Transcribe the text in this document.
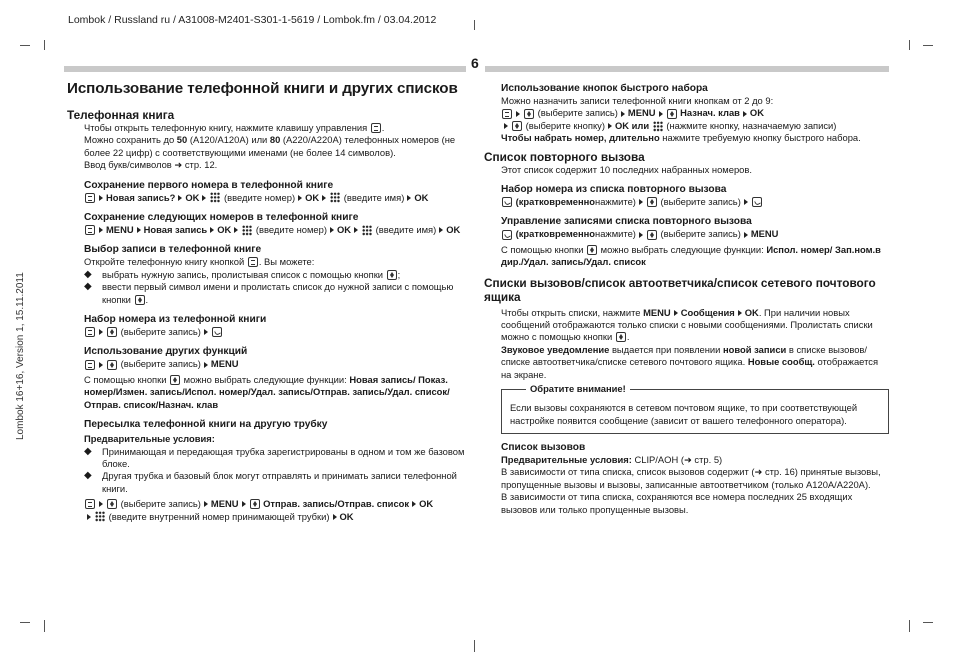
Lombok / Russland ru / A31008-M2401-S301-1-5619 / Lombok.fm / 03.04.2012
6
Lombok 16+16, Version 1, 15.11.2011
Использование телефонной книги и других списков
Телефонная книга

Чтобы открыть телефонную книгу, нажмите клавишу управления .

Можно сохранить до 50 (A120/A120A) или 80 (A220/A220A) телефонных номеров (не более 22 цифр) с соответствующими именами (не более 14 символов).

Ввод букв/символов ➜ стр. 12.

Сохранение первого номера в телефонной книге
Новая запись? OK
	(введите номер) OK
	(введите имя) OK
Сохранение следующих номеров в телефонной книге
MENU Новая запись OK
	(введите номер) OK
	(введите имя) OK
Выбор записи в телефонной книге

Откройте телефонную книгу кнопкой . Вы можете:

◆	выбрать нужную запись, пролистывая список с помощью кнопки ;
◆	ввести первый символ имени и пролистать список до нужной записи с помощью кнопки .
Набор номера из телефонной книги

(выберите запись)
Использование других функций

(выберите запись) MENU

С помощью кнопки  можно выбрать следующие функции: Новая запись/ Показ. номер/Измен. запись/Испол. номер/Удал. запись/Отправ. запись/Удал. список/Отправ. список/Назнач. клав

Пересылка телефонной книги на другую трубку

Предварительные условия:

◆	Принимающая и передающая трубка зарегистрированы в одном и том же базовом блоке.
◆	Другая трубка и базовый блок могут отправлять и принимать записи телефонной книги.

(выберите запись) MENU
	Отправ. запись/Отправ. список OK

(введите внутренний номер принимающей трубки) OK
Использование кнопок быстрого набора

Можно назначить записи телефонной книги кнопкам от 2 до 9:

(выберите запись) MENU
	Назнач. клав OK

(выберите кнопку) OK или

(нажмите кнопку, назначаемую записи)

Чтобы набрать номер, длительно нажмите требуемую кнопку быстрого набора.

Список повторного вызова

Этот список содержит 10 последних набранных номеров.

Набор номера из списка повторного вызова

(кратковременно нажмите)
	(выберите запись)
Управление записями списка повторного вызова

(кратковременно нажмите)
	(выберите запись) MENU

С помощью кнопки  можно выбрать следующие функции: Испол. номер/ Зап.ном.в дир./Удал. запись/Удал. список

Списки вызовов/список автоответчика/список сетевого почтового ящика

Чтобы открыть списки, нажмите MENU Сообщения OK. При наличии новых сообщений отображаются только списки с новыми сообщениями. Пролистать списки можно с помощью кнопки .

Звуковое уведомление выдается при появлении новой записи в списке вызовов/списке автоответчика/списке сетевого почтового ящика. Новые сообщ. отображается на экране.

Обратите внимание!

Если вызовы сохраняются в сетевом почтовом ящике, то при соответствующей настройке появится сообщение (зависит от вашего телефонного оператора).

Список вызовов

Предварительные условия: CLIP/AOH (➜ стр. 5)

В зависимости от типа списка, список вызовов содержит (➜ стр. 16) принятые вызовы, пропущенные вызовы и вызовы, записанные автоответчиком (только A120A/A220A).

В зависимости от типа списка, сохраняются все номера последних 25 входящих вызовов или только пропущенные вызовы.
